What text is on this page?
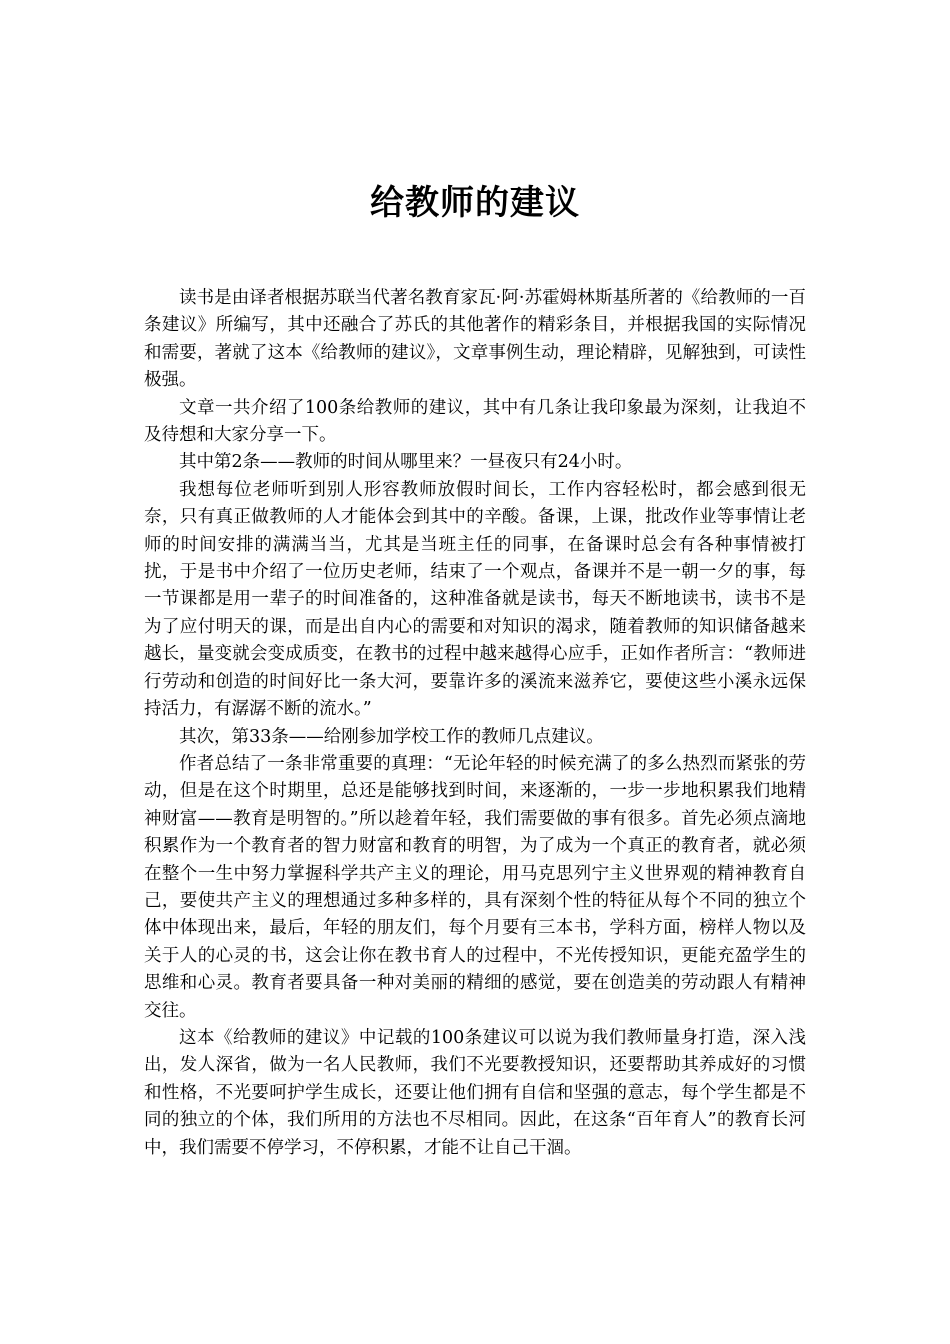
给教师的建议

读书是由译者根据苏联当代著名教育家瓦·阿·苏霍姆林斯基所著的《给教师的一百条建议》所编写，其中还融合了苏氏的其他著作的精彩条目，并根据我国的实际情况和需要，著就了这本《给教师的建议》，文章事例生动，理论精辟，见解独到，可读性极强。

文章一共介绍了100条给教师的建议，其中有几条让我印象最为深刻，让我迫不及待想和大家分享一下。

其中第2条——教师的时间从哪里来？一昼夜只有24小时。

我想每位老师听到别人形容教师放假时间长，工作内容轻松时，都会感到很无奈，只有真正做教师的人才能体会到其中的辛酸。备课，上课，批改作业等事情让老师的时间安排的满满当当，尤其是当班主任的同事，在备课时总会有各种事情被打扰，于是书中介绍了一位历史老师，结束了一个观点，备课并不是一朝一夕的事，每一节课都是用一辈子的时间准备的，这种准备就是读书，每天不断地读书，读书不是为了应付明天的课，而是出自内心的需要和对知识的渴求，随着教师的知识储备越来越长，量变就会变成质变，在教书的过程中越来越得心应手，正如作者所言：“教师进行劳动和创造的时间好比一条大河，要靠许多的溪流来滋养它，要使这些小溪永远保持活力，有潺潺不断的流水。”

其次，第33条——给刚参加学校工作的教师几点建议。

作者总结了一条非常重要的真理：“无论年轻的时候充满了的多么热烈而紧张的劳动，但是在这个时期里，总还是能够找到时间，来逐渐的，一步一步地积累我们地精神财富——教育是明智的。”所以趁着年轻，我们需要做的事有很多。首先必须点滴地积累作为一个教育者的智力财富和教育的明智，为了成为一个真正的教育者，就必须在整个一生中努力掌握科学共产主义的理论，用马克思列宁主义世界观的精神教育自己，要使共产主义的理想通过多种多样的，具有深刻个性的特征从每个不同的独立个体中体现出来，最后，年轻的朋友们，每个月要有三本书，学科方面，榜样人物以及关于人的心灵的书，这会让你在教书育人的过程中，不光传授知识，更能充盈学生的思维和心灵。教育者要具备一种对美丽的精细的感觉，要在创造美的劳动跟人有精神交往。

这本《给教师的建议》中记载的100条建议可以说为我们教师量身打造，深入浅出，发人深省，做为一名人民教师，我们不光要教授知识，还要帮助其养成好的习惯和性格，不光要呵护学生成长，还要让他们拥有自信和坚强的意志，每个学生都是不同的独立的个体，我们所用的方法也不尽相同。因此，在这条“百年育人”的教育长河中，我们需要不停学习，不停积累，才能不让自己干涸。
